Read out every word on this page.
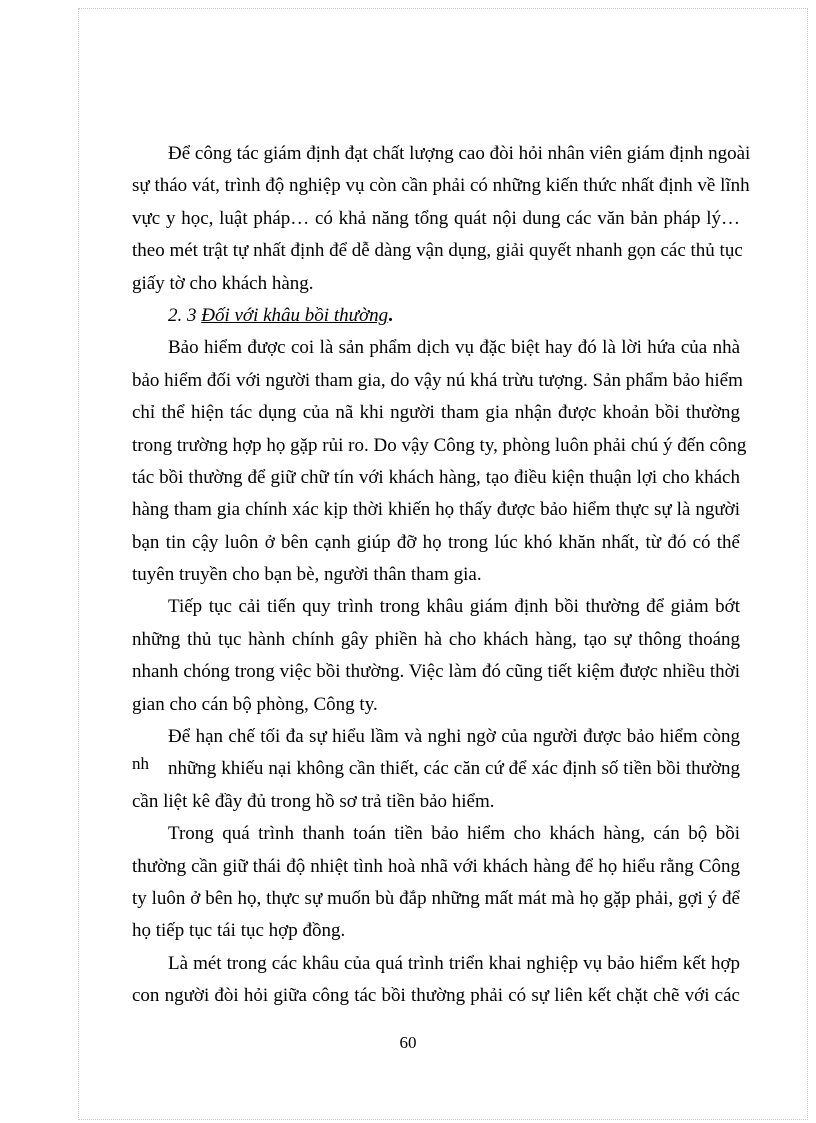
Để công tác giám định đạt chất lượng cao đòi hỏi nhân viên giám định ngoài
sự tháo vát, trình độ nghiệp vụ còn cần phải có những kiến thức nhất định về lĩnh
vực y học, luật pháp… có khả năng tổng quát nội dung các văn bản pháp lý…
theo mét trật tự nhất định để dễ dàng vận dụng, giải quyết nhanh gọn các thủ tục
giấy tờ cho khách hàng.
2. 3 Đối với khâu bồi thường.
Bảo hiểm được coi là sản phẩm dịch vụ đặc biệt hay đó là lời hứa của nhà
bảo hiểm đối với người tham gia, do vậy nú khá trừu tượng. Sản phẩm bảo hiểm
chỉ thể hiện tác dụng của nã khi người tham gia nhận được khoản bồi thường
trong trường hợp họ gặp rủi ro. Do vậy Công ty, phòng luôn phải chú ý đến công
tác bồi thường để giữ chữ tín với khách hàng, tạo điều kiện thuận lợi cho khách
hàng tham gia chính xác kịp thời khiến họ thấy được bảo hiểm thực sự là người
bạn tin cậy luôn ở bên cạnh giúp đỡ họ trong lúc khó khăn nhất, từ đó có thể
tuyên truyền cho bạn bè, người thân tham gia.
Tiếp tục cải tiến quy trình trong khâu giám định bồi thường để giảm bớt
những thủ tục hành chính gây phiền hà cho khách hàng, tạo sự thông thoáng
nhanh chóng trong việc bồi thường. Việc làm đó cũng tiết kiệm được nhiều thời
gian cho cán bộ phòng, Công ty.
Để hạn chế tối đa sự hiểu lầm và nghi ngờ của người được bảo hiểm còng
những khiếu nại không cần thiết, các căn cứ để xác định số tiền bồi thường
cần liệt kê đầy đủ trong hồ sơ trả tiền bảo hiểm.
Trong quá trình thanh toán tiền bảo hiểm cho khách hàng, cán bộ bồi
thường cần giữ thái độ nhiệt tình hoà nhã với khách hàng để họ hiểu rằng Công
ty luôn ở bên họ, thực sự muốn bù đắp những mất mát mà họ gặp phải, gợi ý để
họ tiếp tục tái tục hợp đồng.
Là mét trong các khâu của quá trình triển khai nghiệp vụ bảo hiểm kết hợp
con người đòi hỏi giữa công tác bồi thường phải có sự liên kết chặt chẽ với các
nh
60
